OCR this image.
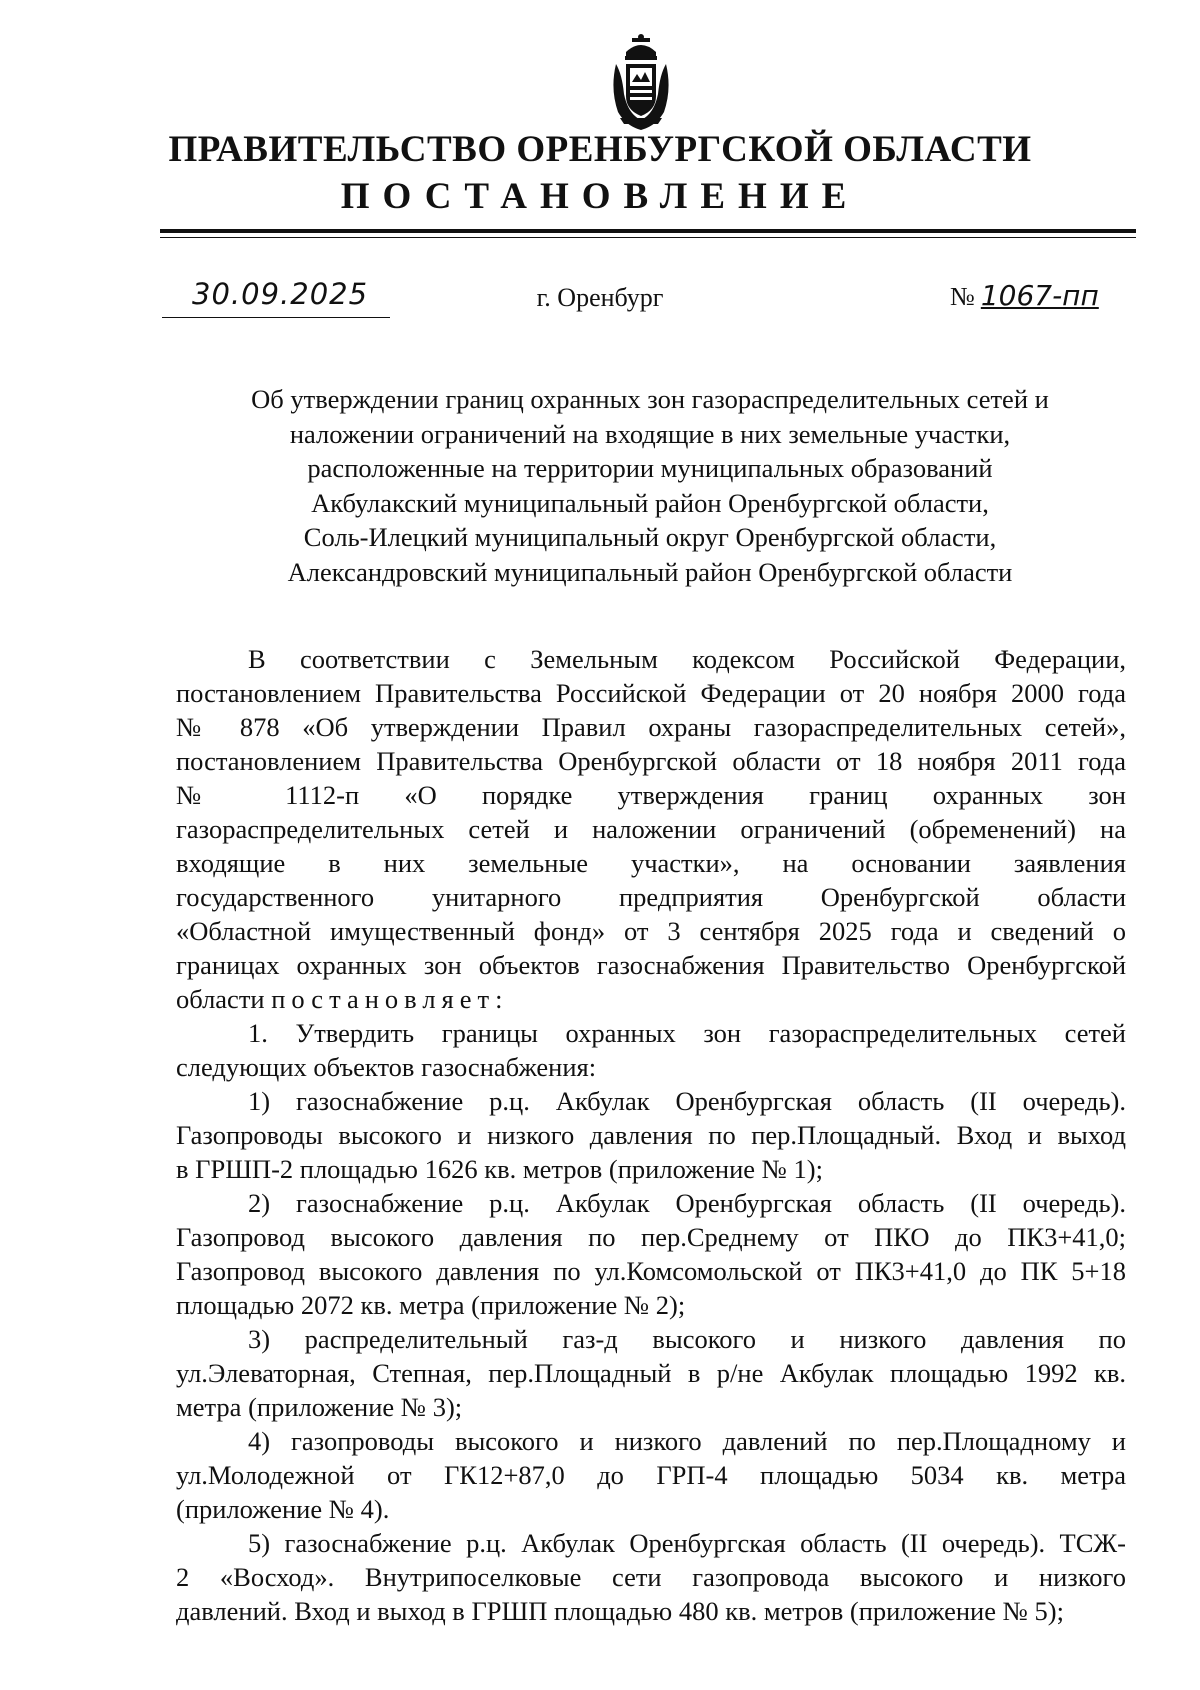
ПРАВИТЕЛЬСТВО ОРЕНБУРГСКОЙ ОБЛАСТИ
ПОСТАНОВЛЕНИЕ
30.09.2025	г. Оренбург	№ 1067-пп
Об утверждении границ охранных зон газораспределительных сетей и
наложении ограничений на входящие в них земельные участки,
расположенные на территории муниципальных образований
Акбулакский муниципальный район Оренбургской области,
Соль-Илецкий муниципальный округ Оренбургской области,
Александровский муниципальный район Оренбургской области
В соответствии с Земельным кодексом Российской Федерации,
постановлением Правительства Российской Федерации от 20 ноября 2000 года
№ 878 «Об утверждении Правил охраны газораспределительных сетей»,
постановлением Правительства Оренбургской области от 18 ноября 2011 года
№ 1112-п «О порядке утверждения границ охранных зон
газораспределительных сетей и наложении ограничений (обременений) на
входящие в них земельные участки», на основании заявления
государственного унитарного предприятия Оренбургской области
«Областной имущественный фонд» от 3 сентября 2025 года и сведений о
границах охранных зон объектов газоснабжения Правительство Оренбургской
области постановляет:
1. Утвердить границы охранных зон газораспределительных сетей
следующих объектов газоснабжения:
1) газоснабжение р.ц. Акбулак Оренбургская область (II очередь).
Газопроводы высокого и низкого давления по пер.Площадный. Вход и выход
в ГРШП-2 площадью 1626 кв. метров (приложение № 1);
2) газоснабжение р.ц. Акбулак Оренбургская область (II очередь).
Газопровод высокого давления по пер.Среднему от ПКО до ПК3+41,0;
Газопровод высокого давления по ул.Комсомольской от ПК3+41,0 до ПК 5+18
площадью 2072 кв. метра (приложение № 2);
3) распределительный газ-д высокого и низкого давления по
ул.Элеваторная, Степная, пер.Площадный в р/не Акбулак площадью 1992 кв.
метра (приложение № 3);
4) газопроводы высокого и низкого давлений по пер.Площадному и
ул.Молодежной от ГК12+87,0 до ГРП-4 площадью 5034 кв. метра
(приложение № 4).
5) газоснабжение р.ц. Акбулак Оренбургская область (II очередь). ТСЖ-
2 «Восход». Внутрипоселковые сети газопровода высокого и низкого
давлений. Вход и выход в ГРШП площадью 480 кв. метров (приложение № 5);
